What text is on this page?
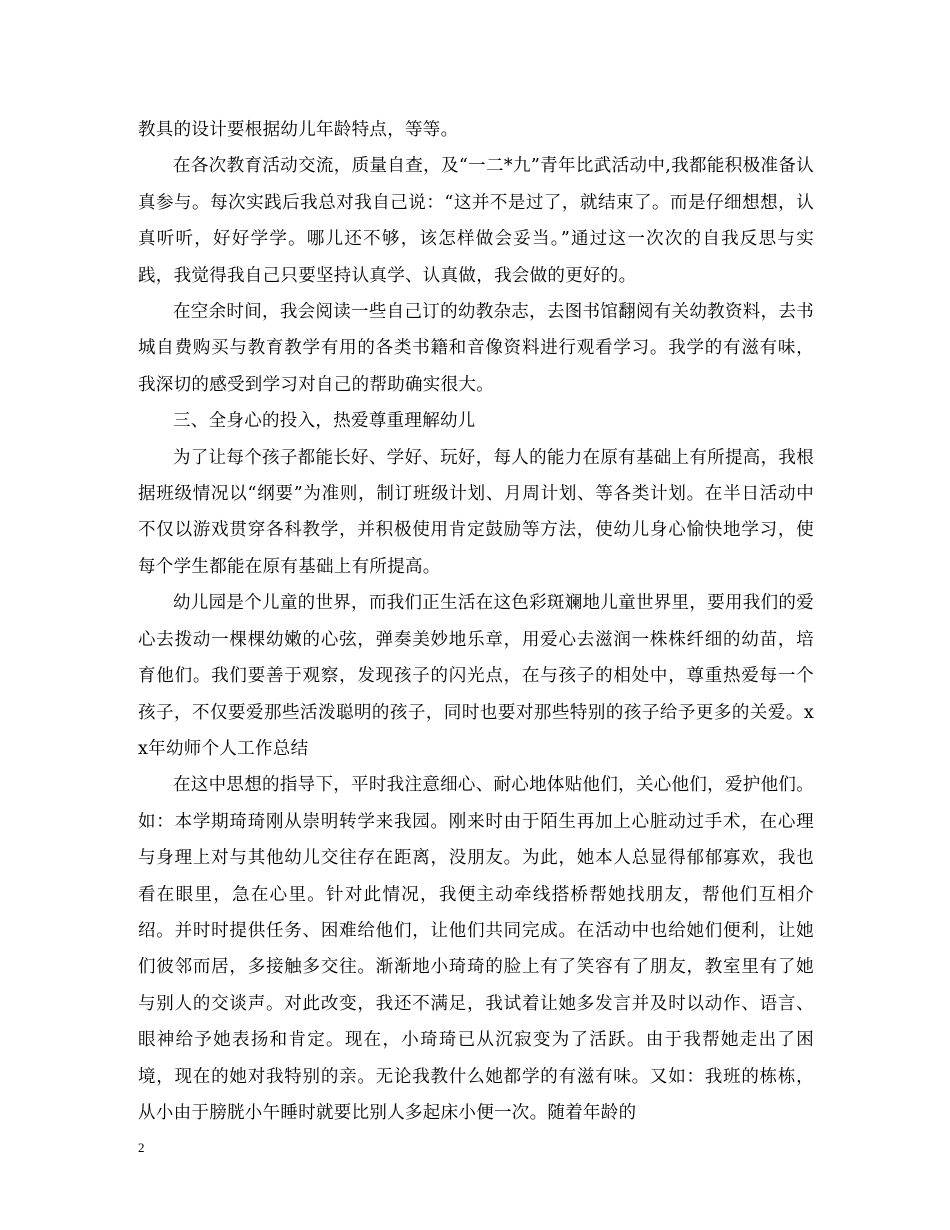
教具的设计要根据幼儿年龄特点，等等。

在各次教育活动交流，质量自查，及“一二*九”青年比武活动中,我都能积极准备认真参与。每次实践后我总对我自己说：“这并不是过了，就结束了。而是仔细想想，认真听听，好好学学。哪儿还不够，该怎样做会妥当。”通过这一次次的自我反思与实践，我觉得我自己只要坚持认真学、认真做，我会做的更好的。

在空余时间，我会阅读一些自己订的幼教杂志，去图书馆翻阅有关幼教资料，去书城自费购买与教育教学有用的各类书籍和音像资料进行观看学习。我学的有滋有味，我深切的感受到学习对自己的帮助确实很大。

三、全身心的投入，热爱尊重理解幼儿

为了让每个孩子都能长好、学好、玩好，每人的能力在原有基础上有所提高，我根据班级情况以“纲要”为准则，制订班级计划、月周计划、等各类计划。在半日活动中不仅以游戏贯穿各科教学，并积极使用肯定鼓励等方法，使幼儿身心愉快地学习，使每个学生都能在原有基础上有所提高。

幼儿园是个儿童的世界，而我们正生活在这色彩斑斓地儿童世界里，要用我们的爱心去拨动一棵棵幼嫩的心弦，弹奏美妙地乐章，用爱心去滋润一株株纤细的幼苗，培育他们。我们要善于观察，发现孩子的闪光点，在与孩子的相处中，尊重热爱每一个孩子，不仅要爱那些活泼聪明的孩子，同时也要对那些特别的孩子给予更多的关爱。xx年幼师个人工作总结

在这中思想的指导下，平时我注意细心、耐心地体贴他们，关心他们，爱护他们。如：本学期琦琦刚从崇明转学来我园。刚来时由于陌生再加上心脏动过手术，在心理与身理上对与其他幼儿交往存在距离，没朋友。为此，她本人总显得郁郁寡欢，我也看在眼里，急在心里。针对此情况，我便主动牵线搭桥帮她找朋友，帮他们互相介绍。并时时提供任务、困难给他们，让他们共同完成。在活动中也给她们便利，让她们彼邻而居，多接触多交往。渐渐地小琦琦的脸上有了笑容有了朋友，教室里有了她与别人的交谈声。对此改变，我还不满足，我试着让她多发言并及时以动作、语言、眼神给予她表扬和肯定。现在，小琦琦已从沉寂变为了活跃。由于我帮她走出了困境，现在的她对我特别的亲。无论我教什么她都学的有滋有味。又如：我班的栋栋，从小由于膀胱小午睡时就要比别人多起床小便一次。随着年龄的

2
